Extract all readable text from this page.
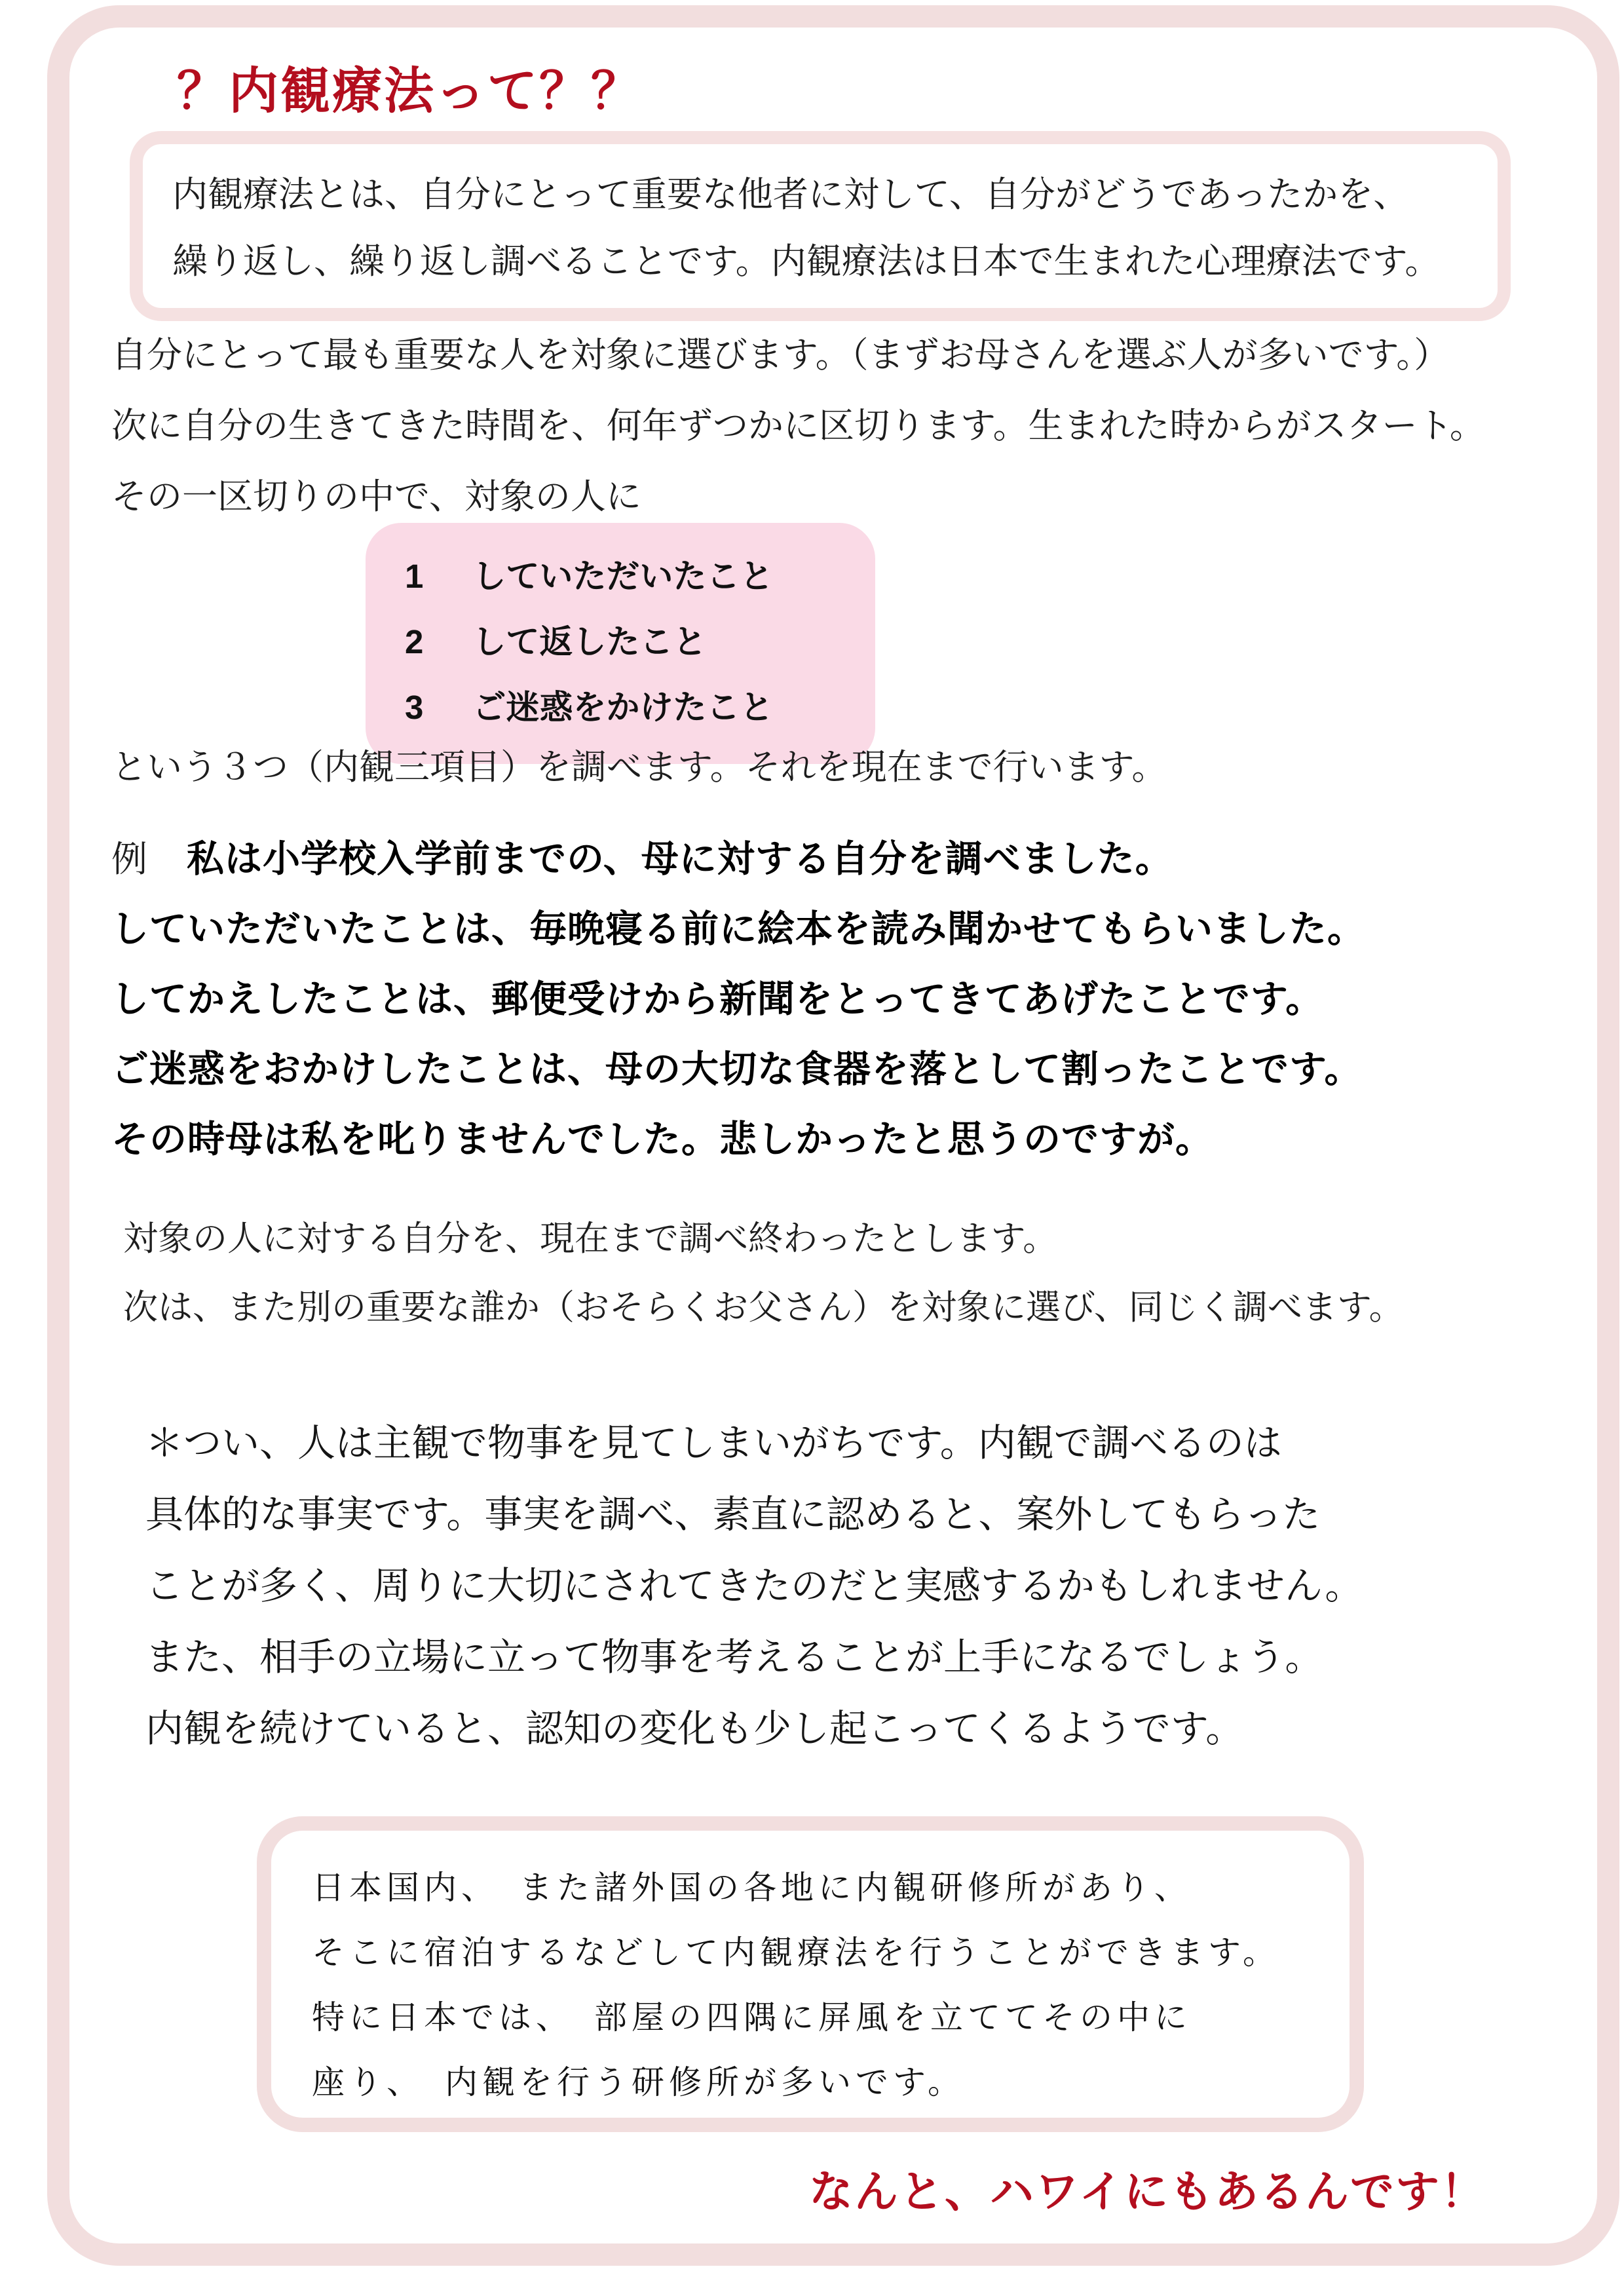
？内観療法って？？

内観療法とは、自分にとって重要な他者に対して、自分がどうであったかを、

繰り返し、繰り返し調べることです。内観療法は日本で生まれた心理療法です。

自分にとって最も重要な人を対象に選びます。（まずお母さんを選ぶ人が多いです。）

次に自分の生きてきた時間を、何年ずつかに区切ります。生まれた時からがスタート。

その一区切りの中で、対象の人に

1 していただいたこと
2 して返したこと
3 ご迷惑をかけたこと

という３つ（内観三項目）を調べます。それを現在まで行います。

例 私は小学校入学前までの、母に対する自分を調べました。

していただいたことは、毎晩寝る前に絵本を読み聞かせてもらいました。

してかえしたことは、郵便受けから新聞をとってきてあげたことです。

ご迷惑をおかけしたことは、母の大切な食器を落として割ったことです。

その時母は私を叱りませんでした。悲しかったと思うのですが。

対象の人に対する自分を、現在まで調べ終わったとします。

次は、また別の重要な誰か（おそらくお父さん）を対象に選び、同じく調べます。

＊つい、人は主観で物事を見てしまいがちです。内観で調べるのは

具体的な事実です。事実を調べ、素直に認めると、案外してもらった

ことが多く、周りに大切にされてきたのだと実感するかもしれません。

また、相手の立場に立って物事を考えることが上手になるでしょう。

内観を続けていると、認知の変化も少し起こってくるようです。

日本国内、　また諸外国の各地に内観研修所があり、

そこに宿泊するなどして内観療法を行うことができます。

特に日本では、　部屋の四隅に屏風を立ててその中に

座り、　内観を行う研修所が多いです。

なんと、ハワイにもあるんです！
